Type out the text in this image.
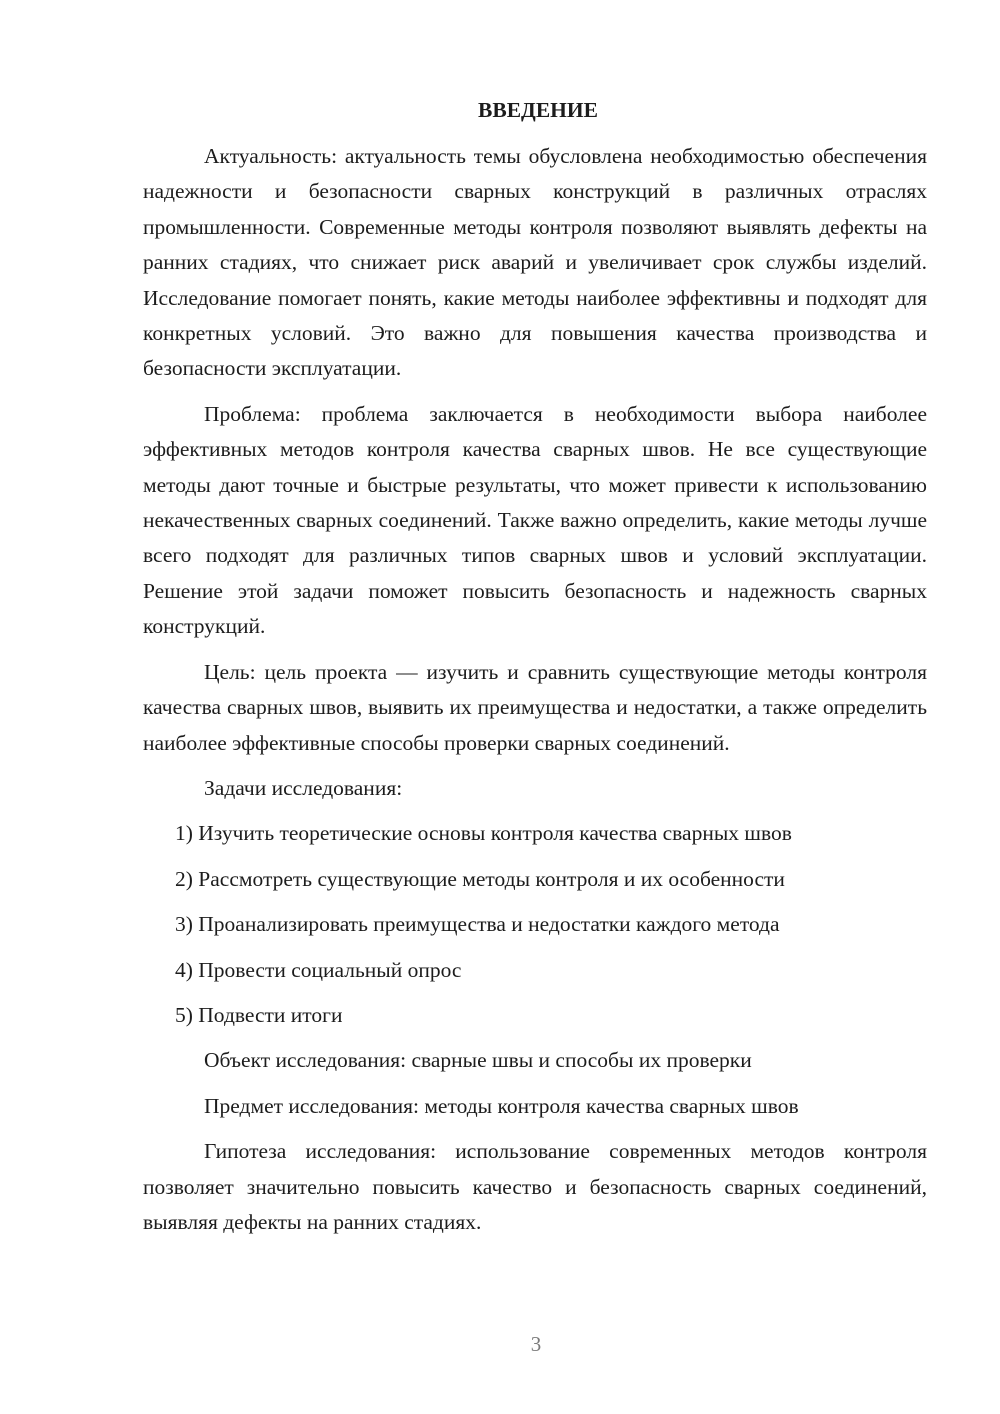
ВВЕДЕНИЕ

Актуальность: актуальность темы обусловлена необходимостью обеспечения надежности и безопасности сварных конструкций в различных отраслях промышленности. Современные методы контроля позволяют выявлять дефекты на ранних стадиях, что снижает риск аварий и увеличивает срок службы изделий. Исследование помогает понять, какие методы наиболее эффективны и подходят для конкретных условий. Это важно для повышения качества производства и безопасности эксплуатации.

Проблема: проблема заключается в необходимости выбора наиболее эффективных методов контроля качества сварных швов. Не все существующие методы дают точные и быстрые результаты, что может привести к использованию некачественных сварных соединений. Также важно определить, какие методы лучше всего подходят для различных типов сварных швов и условий эксплуатации. Решение этой задачи поможет повысить безопасность и надежность сварных конструкций.

Цель: цель проекта — изучить и сравнить существующие методы контроля качества сварных швов, выявить их преимущества и недостатки, а также определить наиболее эффективные способы проверки сварных соединений.

Задачи исследования:
1) Изучить теоретические основы контроля качества сварных швов
2) Рассмотреть существующие методы контроля и их особенности
3) Проанализировать преимущества и недостатки каждого метода
4) Провести социальный опрос
5) Подвести итоги
Объект исследования: сварные швы и способы их проверки
Предмет исследования: методы контроля качества сварных швов

Гипотеза исследования: использование современных методов контроля позволяет значительно повысить качество и безопасность сварных соединений, выявляя дефекты на ранних стадиях.

3
